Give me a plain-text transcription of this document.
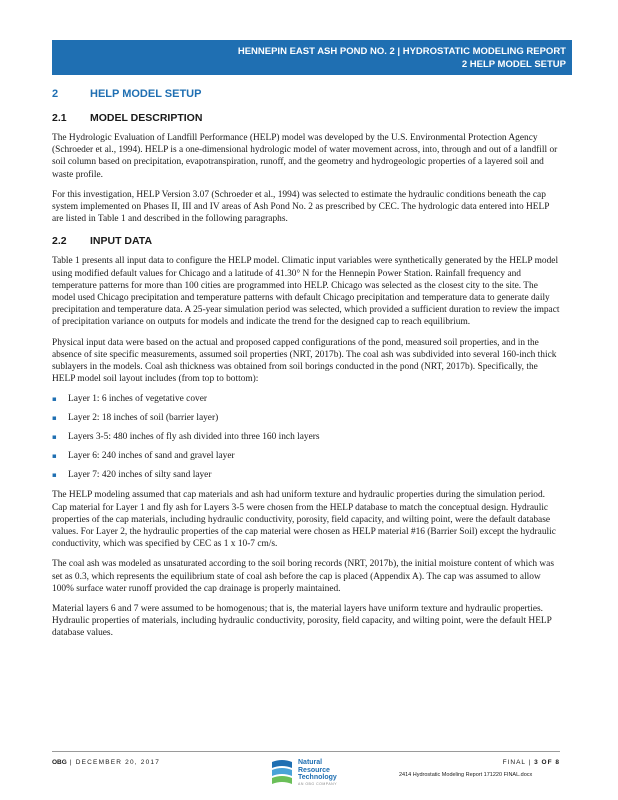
HENNEPIN EAST ASH POND NO. 2 | HYDROSTATIC MODELING REPORT
2 HELP MODEL SETUP
2	HELP MODEL SETUP
2.1 MODEL DESCRIPTION

The Hydrologic Evaluation of Landfill Performance (HELP) model was developed by the U.S. Environmental Protection Agency (Schroeder et al., 1994). HELP is a one-dimensional hydrologic model of water movement across, into, through and out of a landfill or soil column based on precipitation, evapotranspiration, runoff, and the geometry and hydrogeologic properties of a layered soil and waste profile.

For this investigation, HELP Version 3.07 (Schroeder et al., 1994) was selected to estimate the hydraulic conditions beneath the cap system implemented on Phases II, III and IV areas of Ash Pond No. 2 as prescribed by CEC. The hydrologic data entered into HELP are listed in Table 1 and described in the following paragraphs.

2.2 INPUT DATA

Table 1 presents all input data to configure the HELP model. Climatic input variables were synthetically generated by the HELP model using modified default values for Chicago and a latitude of 41.30° N for the Hennepin Power Station. Rainfall frequency and temperature patterns for more than 100 cities are programmed into HELP. Chicago was selected as the closest city to the site. The model used Chicago precipitation and temperature patterns with default Chicago precipitation and temperature data to generate daily precipitation and temperature data. A 25-year simulation period was selected, which provided a sufficient duration to review the impact of precipitation variance on outputs for models and indicate the trend for the designed cap to reach equilibrium.

Physical input data were based on the actual and proposed capped configurations of the pond, measured soil properties, and in the absence of site specific measurements, assumed soil properties (NRT, 2017b). The coal ash was subdivided into several 160-inch thick sublayers in the models. Coal ash thickness was obtained from soil borings conducted in the pond (NRT, 2017b). Specifically, the HELP model soil layout includes (from top to bottom):

▪	Layer 1: 6 inches of vegetative cover
▪	Layer 2: 18 inches of soil (barrier layer)
▪	Layers 3-5: 480 inches of fly ash divided into three 160 inch layers
▪	Layer 6: 240 inches of sand and gravel layer
▪	Layer 7: 420 inches of silty sand layer

The HELP modeling assumed that cap materials and ash had uniform texture and hydraulic properties during the simulation period. Cap material for Layer 1 and fly ash for Layers 3-5 were chosen from the HELP database to match the conceptual design. Hydraulic properties of the cap materials, including hydraulic conductivity, porosity, field capacity, and wilting point, were the default database values. For Layer 2, the hydraulic properties of the cap material were chosen as HELP material #16 (Barrier Soil) except the hydraulic conductivity, which was specified by CEC as 1 x 10-7 cm/s.

The coal ash was modeled as unsaturated according to the soil boring records (NRT, 2017b), the initial moisture content of which was set as 0.3, which represents the equilibrium state of coal ash before the cap is placed (Appendix A). The cap was assumed to allow 100% surface water runoff provided the cap drainage is properly maintained.

Material layers 6 and 7 were assumed to be homogenous; that is, the material layers have uniform texture and hydraulic properties. Hydraulic properties of materials, including hydraulic conductivity, porosity, field capacity, and wilting point, were the default HELP database values.

OBG | DECEMBER 20, 2017	Natural
Resource
Technology
AN OBG COMPANY
FINAL | 3 OF 8
2414 Hydrostatic Modeling Report 171220 FINAL.docx
